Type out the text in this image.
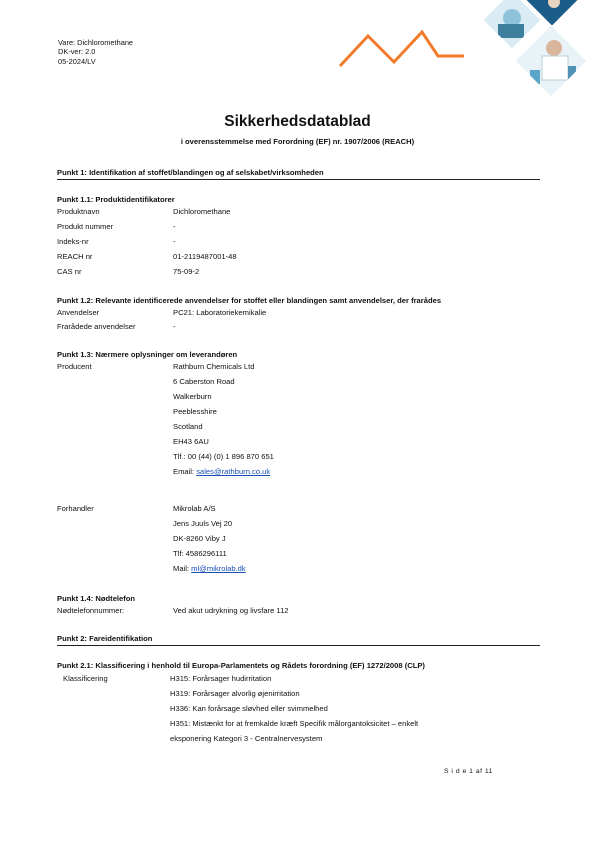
Vare: Dichloromethane
DK-ver: 2.0
05-2024/LV
Sikkerhedsdatablad
i overensstemmelse med Forordning (EF) nr. 1907/2006 (REACH)
Punkt 1: Identifikation af stoffet/blandingen og af selskabet/virksomheden
Punkt 1.1: Produktidentifikatorer
Produktnavn	Dichloromethane
Produkt nummer	-
Indeks-nr	-
REACH nr	01-2119487001-48
CAS nr	75-09-2
Punkt 1.2: Relevante identificerede anvendelser for stoffet eller blandingen samt anvendelser, der frarådes
Anvendelser	PC21: Laboratoriekemikalie
Frarådede anvendelser	-
Punkt 1.3: Nærmere oplysninger om leverandøren
Producent	Rathburn Chemicals Ltd
6 Caberston Road
Walkerburn
Peeblesshire
Scotland
EH43 6AU
Tlf.: 00 (44) (0) 1 896 870 651
Email: sales@rathburn.co.uk
Forhandler	Mikrolab A/S
Jens Juuls Vej 20
DK-8260 Viby J
Tlf: 4586296111
Mail: ml@mikrolab.dk
Punkt 1.4: Nødtelefon
Nødtelefonnummer:	Ved akut udrykning og livsfare 112
Punkt 2: Fareidentifikation
Punkt 2.1: Klassificering i henhold til Europa-Parlamentets og Rådets forordning (EF) 1272/2008 (CLP)
Klassificering	H315: Forårsager hudirritation
H319: Forårsager alvorlig øjenirritation
H336: Kan forårsage sløvhed eller svimmelhed
H351: Mistænkt for at fremkalde kræft Specifik målorgantoksicitet – enkelt
eksponering Kategori 3 - Centralnervesystem
S i d e 1 af 11
